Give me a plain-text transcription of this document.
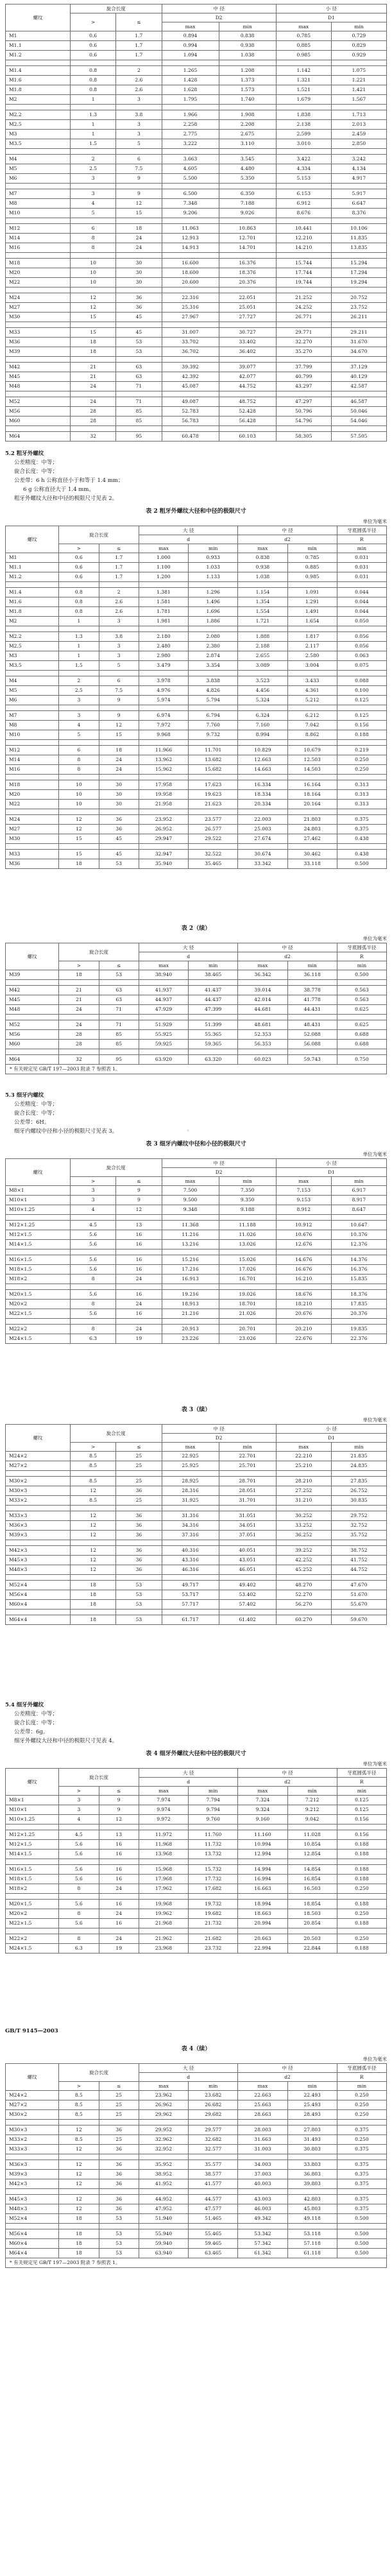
螺纹	旋合长度		中 径		小 径	
	>	≤	D2		D1	
			max	min	max	min
M1	0.6	1.7	0.894	0.838	0.785	0.729
M1.1	0.6	1.7	0.994	0.938	0.885	0.829
M1.2	0.6	1.7	1.094	1.038	0.985	0.929

M1.4	0.8	2	1.265	1.208	1.142	1.075
M1.6	0.8	2.6	1.428	1.373	1.321	1.221
M1.8	0.8	2.6	1.628	1.573	1.521	1.421
M2	1	3	1.795	1.740	1.679	1.567

M2.2	1.3	3.8	1.966	1.908	1.838	1.713
M2.5	1	3	2.258	2.208	2.138	2.013
M3	1	3	2.775	2.675	2.599	2.459
M3.5	1.5	5	3.222	3.110	3.010	2.850

M4	2	6	3.663	3.545	3.422	3.242
M5	2.5	7.5	4.605	4.480	4.334	4.134
M6	3	9	5.500	5.350	5.153	4.917

M7	3	9	6.500	6.350	6.153	5.917
M8	4	12	7.348	7.188	6.912	6.647
M10	5	15	9.206	9.026	8.676	8.376

M12	6	18	11.063	10.863	10.441	10.106
M14	8	24	12.913	12.701	12.210	11.835
M16	8	24	14.913	14.701	14.210	13.835

M18	10	30	16.600	16.376	15.744	15.294
M20	10	30	18.600	18.376	17.744	17.294
M22	10	30	20.600	20.376	19.744	19.294

M24	12	36	22.316	22.051	21.252	20.752
M27	12	36	25.316	25.051	24.252	23.752
M30	15	45	27.967	27.727	26.771	26.211

M33	15	45	31.007	30.727	29.771	29.211
M36	18	53	33.702	33.402	32.270	31.670
M39	18	53	36.702	36.402	35.270	34.670

M42	21	63	39.392	39.077	37.799	37.129
M45	21	63	42.392	42.077	40.799	40.129
M48	24	71	45.087	44.752	43.297	42.587

M52	24	71	49.087	48.752	47.297	46.587
M56	28	85	52.783	52.428	50.796	50.046
M60	28	85	56.783	56.428	54.796	54.046

M64	32	95	60.478	60.103	58.305	57.505
5.2 粗牙外螺纹
公差精度：中等；
旋合长度：中等；
公差带：6 h 公称直径小于和等于 1.4 mm；
6 g 公称直径大于 1.4 mm。
粗牙外螺纹大径和中径的极限尺寸见表 2。
表 2 粗牙外螺纹大径和中径的极限尺寸
单位为毫米
螺纹	旋合长度		大 径		中 径		牙底圆弧半径
			d		d2		R
	>	≤	max	min	max	min	min
M1	0.6	1.7	1.000	0.933	0.838	0.785	0.031
M1.1	0.6	1.7	1.100	1.033	0.938	0.885	0.031
M1.2	0.6	1.7	1.200	1.133	1.038	0.985	0.031

M1.4	0.8	2	1.381	1.296	1.154	1.091	0.044
M1.6	0.8	2.6	1.581	1.496	1.354	1.291	0.044
M1.8	0.8	2.6	1.781	1.696	1.554	1.491	0.044
M2	1	3	1.981	1.886	1.721	1.654	0.050

M2.2	1.3	3.8	2.180	2.080	1.888	1.817	0.056
M2.5	1	3	2.480	2.380	2.188	2.117	0.056
M3	1	3	2.980	2.874	2.655	2.580	0.063
M3.5	1.5	5	3.479	3.354	3.089	3.004	0.075

M4	2	6	3.978	3.838	3.523	3.433	0.088
M5	2.5	7.5	4.976	4.826	4.456	4.361	0.100
M6	3	9	5.974	5.794	5.324	5.212	0.125

M7	3	9	6.974	6.794	6.324	6.212	0.125
M8	4	12	7.972	7.760	7.160	7.042	0.156
M10	5	15	9.968	9.732	8.994	8.862	0.188

M12	6	18	11.966	11.701	10.829	10.679	0.219
M14	8	24	13.962	13.682	12.663	12.503	0.250
M16	8	24	15.962	15.682	14.663	14.503	0.250

M18	10	30	17.958	17.623	16.334	16.164	0.313
M20	10	30	19.958	19.623	18.334	18.164	0.313
M22	10	30	21.958	21.623	20.334	20.164	0.313

M24	12	36	23.952	23.577	22.003	21.803	0.375
M27	12	36	26.952	26.577	25.003	24.803	0.375
M30	15	45	29.947	29.522	27.674	27.462	0.438

M33	15	45	32.947	32.522	30.674	30.462	0.438
M36	18	53	35.940	35.465	33.342	33.118	0.500
表 2（续）
单位为毫米
螺纹	旋合长度		大 径		中 径		牙底圆弧半径
			d		d2		R
	>	≤	max	min	max	min	min
M39	18	53	38.940	38.465	36.342	36.118	0.500

M42	21	63	41.937	41.437	39.014	38.778	0.563
M45	21	63	44.937	44.437	42.014	41.778	0.563
M48	24	71	47.929	47.399	44.681	44.431	0.625

M52	24	71	51.929	51.399	48.681	48.431	0.625
M56	28	85	55.925	55.365	52.353	52.088	0.688
M60	28	85	59.925	59.365	56.353	56.088	0.688

M64	32	95	63.920	63.320	60.023	59.743	0.750
* 有关规定见 GB/T 197—2003 附录 7 参照表 1。
·
5.3 细牙内螺纹
公差精度：中等；
旋合长度：中等；
公差带：6H。
细牙内螺纹中径和小径的极限尺寸见表 3。
表 3 细牙内螺纹中径和小径的极限尺寸
单位为毫米
螺纹	旋合长度		中 径		小 径	
			D2		D1	
	>	≤	max	min	max	min
M8×1	3	9	7.500	7.350	7.153	6.917
M10×1	3	9	9.500	9.350	9.153	8.917
M10×1.25	4	12	9.348	9.188	8.912	8.647

M12×1.25	4.5	13	11.368	11.188	10.912	10.647
M12×1.5	5.6	16	11.216	11.026	10.676	10.376
M14×1.5	5.6	16	13.216	13.026	12.676	12.376

M16×1.5	5.6	16	15.216	15.026	14.676	14.376
M18×1.5	5.6	16	17.216	17.026	16.676	16.376
M18×2	8	24	16.913	16.701	16.210	15.835

M20×1.5	5.6	16	19.216	19.026	18.676	18.376
M20×2	8	24	18.913	18.701	18.210	17.835
M22×1.5	5.6	16	21.216	21.026	20.676	20.376

M22×2	8	24	20.913	20.701	20.210	19.835
M24×1.5	6.3	19	23.226	23.026	22.676	22.376
表 3（续）
单位为毫米
螺纹	旋合长度		中 径		小 径	
			D2		D1	
	>	≤	max	min	max	min
M24×2	8.5	25	22.925	22.701	22.210	21.835
M27×2	8.5	25	25.925	25.701	25.210	24.835

M30×2	8.5	25	28.925	28.701	28.210	27.835
M30×3	12	36	28.316	28.051	27.252	26.752
M33×2	8.5	25	31.925	31.701	31.210	30.835

M33×3	12	36	31.316	31.051	30.252	29.752
M36×3	12	36	34.316	34.051	33.252	32.752
M39×3	12	36	37.316	37.051	36.252	35.752

M42×3	12	36	40.316	40.051	39.252	38.752
M45×3	12	36	43.316	43.051	42.252	41.752
M48×3	12	36	46.316	46.051	45.252	44.752

M52×4	18	53	49.717	49.402	48.270	47.670
M56×4	18	53	53.717	53.402	52.270	51.670
M60×4	18	53	57.717	57.402	56.270	55.670

M64×4	18	53	61.717	61.402	60.270	59.670
5.4 细牙外螺纹
公差精度：中等；
旋合长度：中等；
公差带：6g。
细牙外螺纹大径和中径的极限尺寸见表 4。
表 4 细牙外螺纹大径和中径的极限尺寸
单位为毫米
螺纹	旋合长度		大 径		中 径		牙底圆弧半径
			d		d2		R
	>	≤	max	min	max	min	min
M8×1	3	9	7.974	7.794	7.324	7.212	0.125
M10×1	3	9	9.974	9.794	9.324	9.212	0.125
M10×1.25	4	12	9.972	9.760	9.160	9.042	0.156

M12×1.25	4.5	13	11.972	11.760	11.160	11.028	0.156
M12×1.5	5.6	16	11.968	11.732	10.994	10.854	0.188
M14×1.5	5.6	16	13.968	13.732	12.994	12.854	0.188

M16×1.5	5.6	16	15.968	15.732	14.994	14.854	0.188
M18×1.5	5.6	16	17.968	17.732	16.994	16.854	0.188
M18×2	8	24	17.962	17.682	16.663	16.503	0.250

M20×1.5	5.6	16	19.968	19.732	18.994	18.854	0.188
M20×2	8	24	19.962	19.682	18.663	18.503	0.250
M22×1.5	5.6	16	21.968	21.732	20.994	20.854	0.188

M22×2	8	24	21.962	21.682	20.663	20.503	0.250
M24×1.5	6.3	19	23.968	23.732	22.994	22.844	0.188
GB/T 9145—2003
表 4（续）
单位为毫米
螺纹	旋合长度		大 径		中 径		牙底圆弧半径
			d		d2		R
	>	≤	max	min	max	min	min
M24×2	8.5	25	23.962	23.682	22.663	22.493	0.250
M27×2	8.5	25	26.962	26.682	25.663	25.493	0.250
M30×2	8.5	25	29.962	29.682	28.663	28.493	0.250

M30×3	12	36	29.952	29.577	28.003	27.803	0.375
M33×2	8.5	25	32.962	32.682	31.663	31.493	0.250
M33×3	12	36	32.952	32.577	31.003	30.803	0.375

M36×3	12	36	35.952	35.577	34.003	33.803	0.375
M39×3	12	36	38.952	38.577	37.003	36.803	0.375
M42×3	12	36	41.952	41.577	40.003	39.803	0.375

M45×3	12	36	44.952	44.577	43.003	42.803	0.375
M48×3	12	36	47.952	47.577	46.003	45.803	0.375
M52×4	18	53	51.940	51.465	49.342	49.118	0.500

M56×4	18	53	55.940	55.465	53.342	53.118	0.500
M60×4	18	53	59.940	59.465	57.342	57.118	0.500
M64×4	18	53	63.940	63.465	61.342	61.118	0.500
* 有关规定见 GB/T 197—2003 附录 7 参照表 1。
